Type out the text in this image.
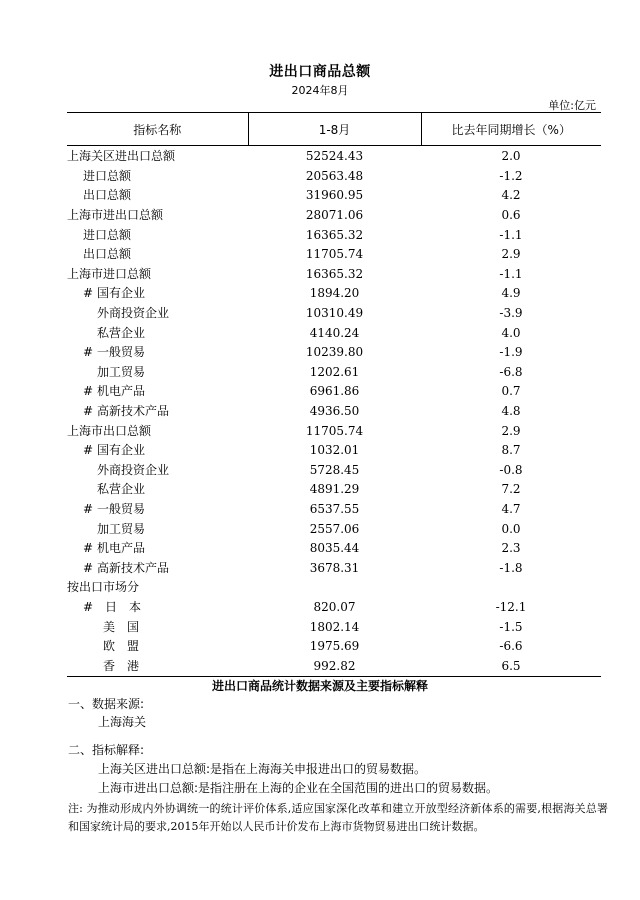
进出口商品总额
2024年8月
单位:亿元
指标名称	1-8月	比去年同期增长（%）
上海关区进出口总额	52524.43	2.0
进口总额	20563.48	-1.2
出口总额	31960.95	4.2
上海市进出口总额	28071.06	0.6
进口总额	16365.32	-1.1
出口总额	11705.74	2.9
上海市进口总额	16365.32	-1.1
# 国有企业	1894.20	4.9
外商投资企业	10310.49	-3.9
私营企业	4140.24	4.0
# 一般贸易	10239.80	-1.9
加工贸易	1202.61	-6.8
# 机电产品	6961.86	0.7
# 高新技术产品	4936.50	4.8
上海市出口总额	11705.74	2.9
# 国有企业	1032.01	8.7
外商投资企业	5728.45	-0.8
私营企业	4891.29	7.2
# 一般贸易	6537.55	4.7
加工贸易	2557.06	0.0
# 机电产品	8035.44	2.3
# 高新技术产品	3678.31	-1.8
按出口市场分		
# 日　本	820.07	-12.1
美　国	1802.14	-1.5
欧　盟	1975.69	-6.6
香　港	992.82	6.5
进出口商品统计数据来源及主要指标解释
一、数据来源:
上海海关
二、指标解释:
上海关区进出口总额:是指在上海海关申报进出口的贸易数据。
上海市进出口总额:是指注册在上海的企业在全国范围的进出口的贸易数据。
注: 为推动形成内外协调统一的统计评价体系,适应国家深化改革和建立开放型经济新体系的需要,根据海关总署和国家统计局的要求,2015年开始以人民币计价发布上海市货物贸易进出口统计数据。
